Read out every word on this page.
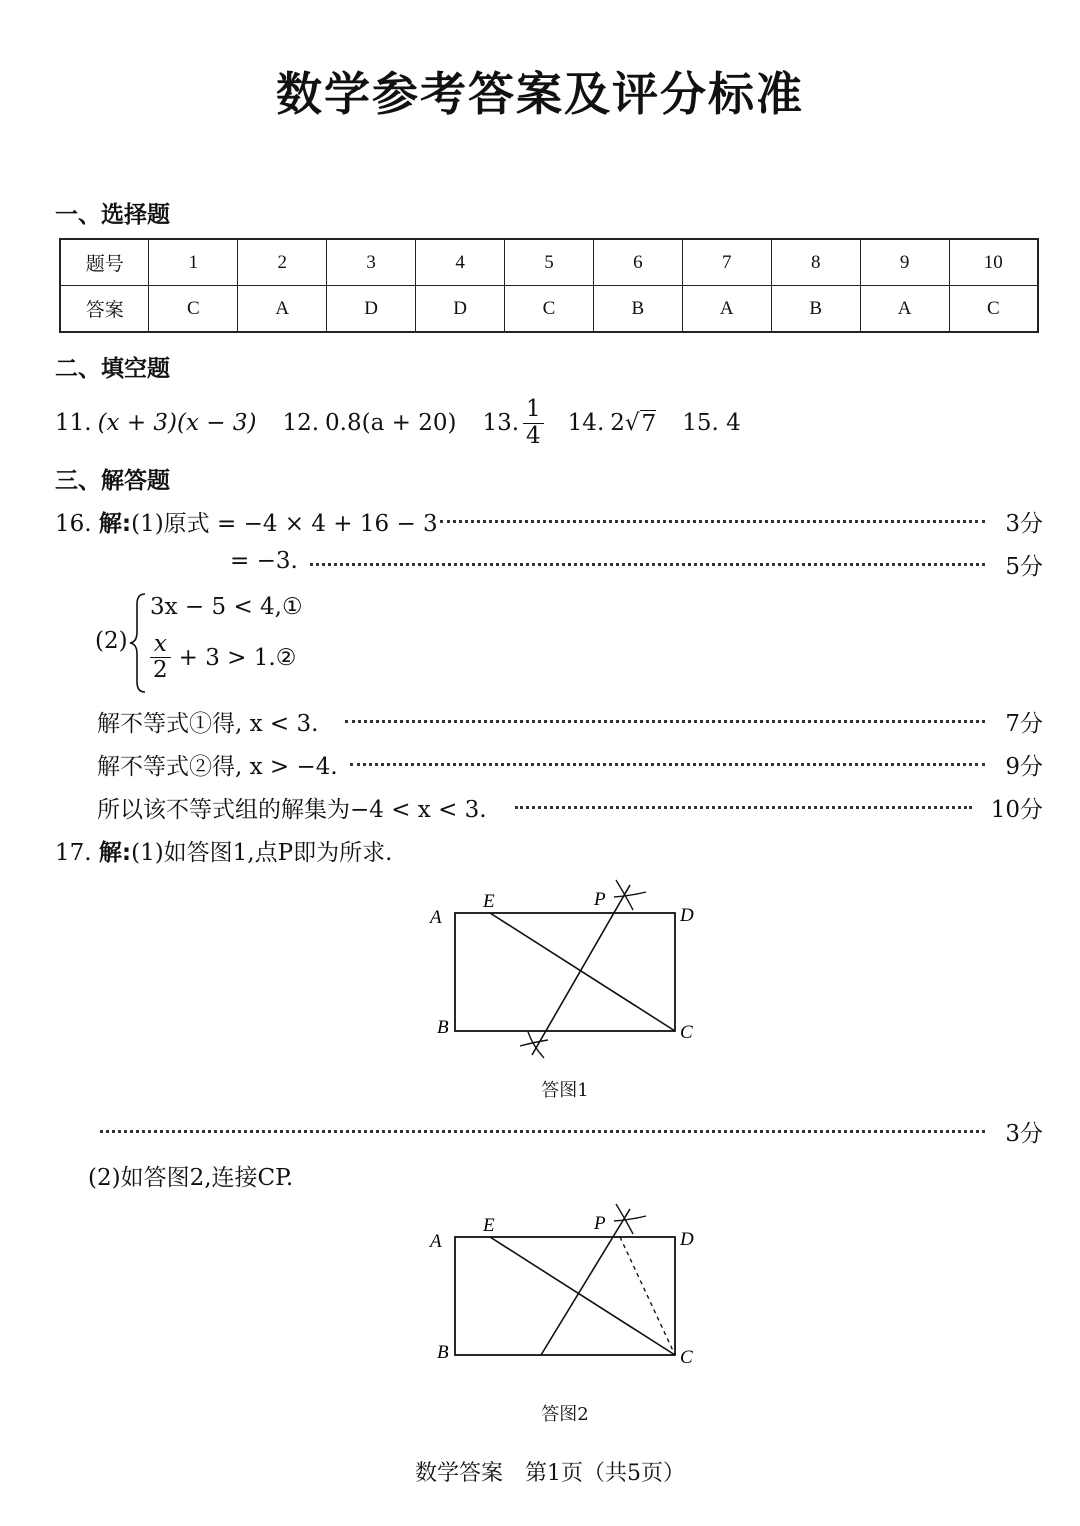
数学参考答案及评分标准
一、选择题
题号	1	2	3	4	5	6	7	8	9	10
答案	C	A	D	D	C	B	A	B	A	C
二、填空题
11. (x + 3)(x − 3) 12. 0.8(a + 20) 13. $\frac{1}{4} 14$. 2 √ 7 15. 4
三、解答题
16. 解:(1)原式 = −4 × 4 + 16 − 3	3分
= −3.	5分
(2)
3x − 5 < 4,①
$\frac{x}{2} + 3$ > 1.②
解不等式①得, x < 3.	7分
解不等式②得, x > −4.	9分
所以该不等式组的解集为−4 < x < 3.	10分
17. 解:(1)如答图1,点P即为所求.
A
B	C
D
E	P
答图1
3分
(2)如答图2,连接CP.
A
B	C
D
E	P
答图2
数学答案　第1页（共5页）
